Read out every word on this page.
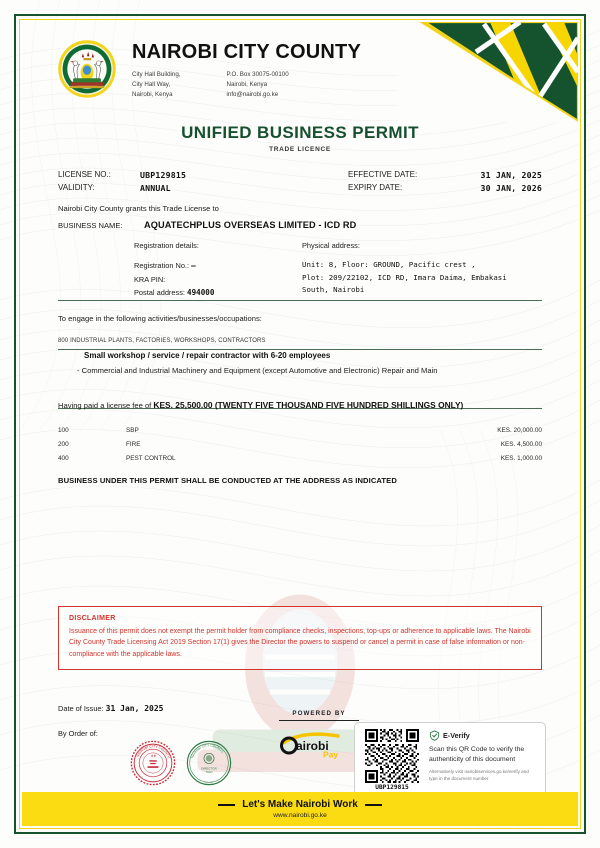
NAIROBI CITY COUNTY
City Hall Building,
City Hall Way,
Nairobi, Kenya
P.O. Box 30075-00100
Nairobi, Kenya
info@nairobi.go.ke
UNIFIED BUSINESS PERMIT
TRADE LICENCE
LICENSE NO.:	UBP129815	EFFECTIVE DATE:	31 JAN, 2025
VALIDITY:	ANNUAL	EXPIRY DATE:	30 JAN, 2026
Nairobi City County grants this Trade License to
BUSINESS NAME:	AQUATECHPLUS OVERSEAS LIMITED - ICD RD
Registration details:
Registration No.: –
KRA PIN:
Postal address: 494000
Physical address:
Unit: 8, Floor: GROUND, Pacific crest ,
Plot: 209/22102, ICD RD, Imara Daima, Embakasi
South, Nairobi
To engage in the following activities/businesses/occupations:
800 INDUSTRIAL PLANTS, FACTORIES, WORKSHOPS, CONTRACTORS
Small workshop / service / repair contractor with 6-20 employees
- Commercial and Industrial Machinery and Equipment (except Automotive and Electronic) Repair and Main
Having paid a license fee of KES. 25,500.00 (TWENTY FIVE THOUSAND FIVE HUNDRED SHILLINGS ONLY)
100	SBP	KES. 20,000.00
200	FIRE	KES. 4,500.00
400	PEST CONTROL	KES. 1,000.00
BUSINESS UNDER THIS PERMIT SHALL BE CONDUCTED AT THE ADDRESS AS INDICATED
DISCLAIMER
Issuance of this permit does not exempt the permit holder from compliance checks, inspections, top-ups or adherence to applicable laws. The Nairobi City County Trade Licensing Act 2019 Section 17(1) gives the Director the powers to suspend or cancel a permit in case of false information or non-compliance with the applicable laws.
Date of Issue: 31 Jan, 2025
By Order of:
NAIROBI CITY COUNTY	NAIROBI CITY COUNCIL
DIRECTOR
T&LD
POWERED BY
airobi
Pay
UBP129815
E-Verify
Scan this QR Code to verify the authenticity of this document
Alternatively visit nairobiservices.go.ke/verify and type in the document number
Let's Make Nairobi Work
www.nairobi.go.ke
